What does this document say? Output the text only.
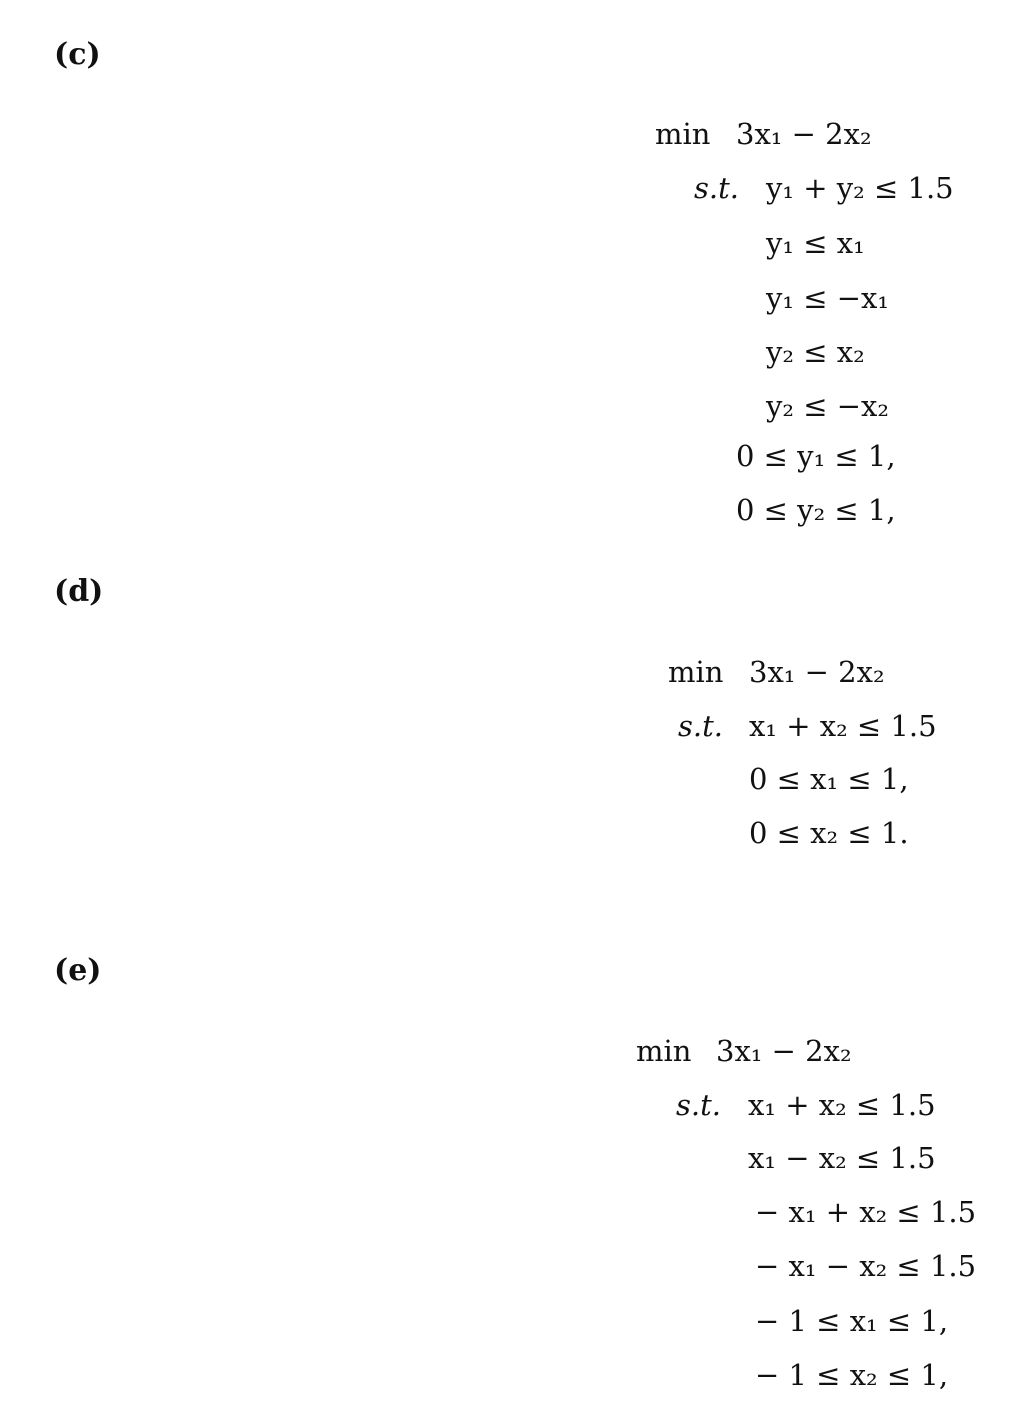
(c)
min 3x₁ − 2x₂
s.t. y₁ + y₂ ≤ 1.5
y₁ ≤ x₁
y₁ ≤ −x₁
y₂ ≤ x₂
y₂ ≤ −x₂
0 ≤ y₁ ≤ 1,
0 ≤ y₂ ≤ 1,
(d)
min 3x₁ − 2x₂
s.t. x₁ + x₂ ≤ 1.5
0 ≤ x₁ ≤ 1,
0 ≤ x₂ ≤ 1.
(e)
min 3x₁ − 2x₂
s.t. x₁ + x₂ ≤ 1.5
x₁ − x₂ ≤ 1.5
− x₁ + x₂ ≤ 1.5
− x₁ − x₂ ≤ 1.5
− 1 ≤ x₁ ≤ 1,
− 1 ≤ x₂ ≤ 1,
